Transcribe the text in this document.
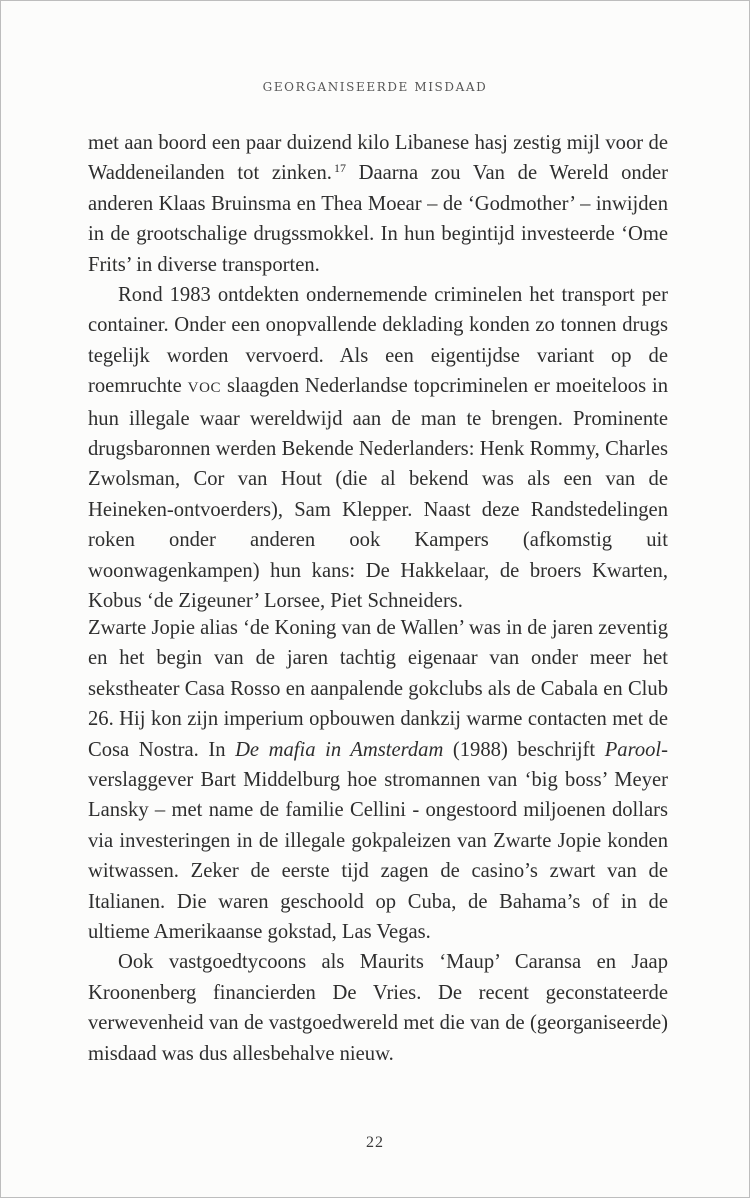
GEORGANISEERDE MISDAAD

met aan boord een paar duizend kilo Libanese hasj zestig mijl voor de Waddeneilanden tot zinken. $^{17}$ Daarna zou Van de Wereld onder anderen Klaas Bruinsma en Thea Moear – de ‘Godmother’ – inwijden in de grootschalige drugssmokkel. In hun begintijd investeerde ‘Ome Frits’ in diverse transporten.

Rond 1983 ontdekten ondernemende criminelen het transport per container. Onder een onopvallende deklading konden zo tonnen drugs tegelijk worden vervoerd. Als een eigentijdse variant op de roemruchte VOC slaagden Nederlandse topcriminelen er moeiteloos in hun illegale waar wereldwijd aan de man te brengen. Prominente drugsbaronnen werden Bekende Nederlanders: Henk Rommy, Charles Zwolsman, Cor van Hout (die al bekend was als een van de Heineken-ontvoerders), Sam Klepper. Naast deze Randstedelingen roken onder anderen ook Kampers (afkomstig uit woonwagenkampen) hun kans: De Hakkelaar, de broers Kwarten, Kobus ‘de Zigeuner’ Lorsee, Piet Schneiders.

Zwarte Jopie alias ‘de Koning van de Wallen’ was in de jaren zeventig en het begin van de jaren tachtig eigenaar van onder meer het sekstheater Casa Rosso en aanpalende gokclubs als de Cabala en Club 26. Hij kon zijn imperium opbouwen dankzij warme contacten met de Cosa Nostra. In De mafia in Amsterdam (1988) beschrijft Parool-verslaggever Bart Middelburg hoe stromannen van ‘big boss’ Meyer Lansky – met name de familie Cellini - ongestoord miljoenen dollars via investeringen in de illegale gokpaleizen van Zwarte Jopie konden witwassen. Zeker de eerste tijd zagen de casino’s zwart van de Italianen. Die waren geschoold op Cuba, de Bahama’s of in de ultieme Amerikaanse gokstad, Las Vegas.

Ook vastgoedtycoons als Maurits ‘Maup’ Caransa en Jaap Kroonenberg financierden De Vries. De recent geconstateerde verwevenheid van de vastgoedwereld met die van de (georganiseerde) misdaad was dus allesbehalve nieuw.

22
